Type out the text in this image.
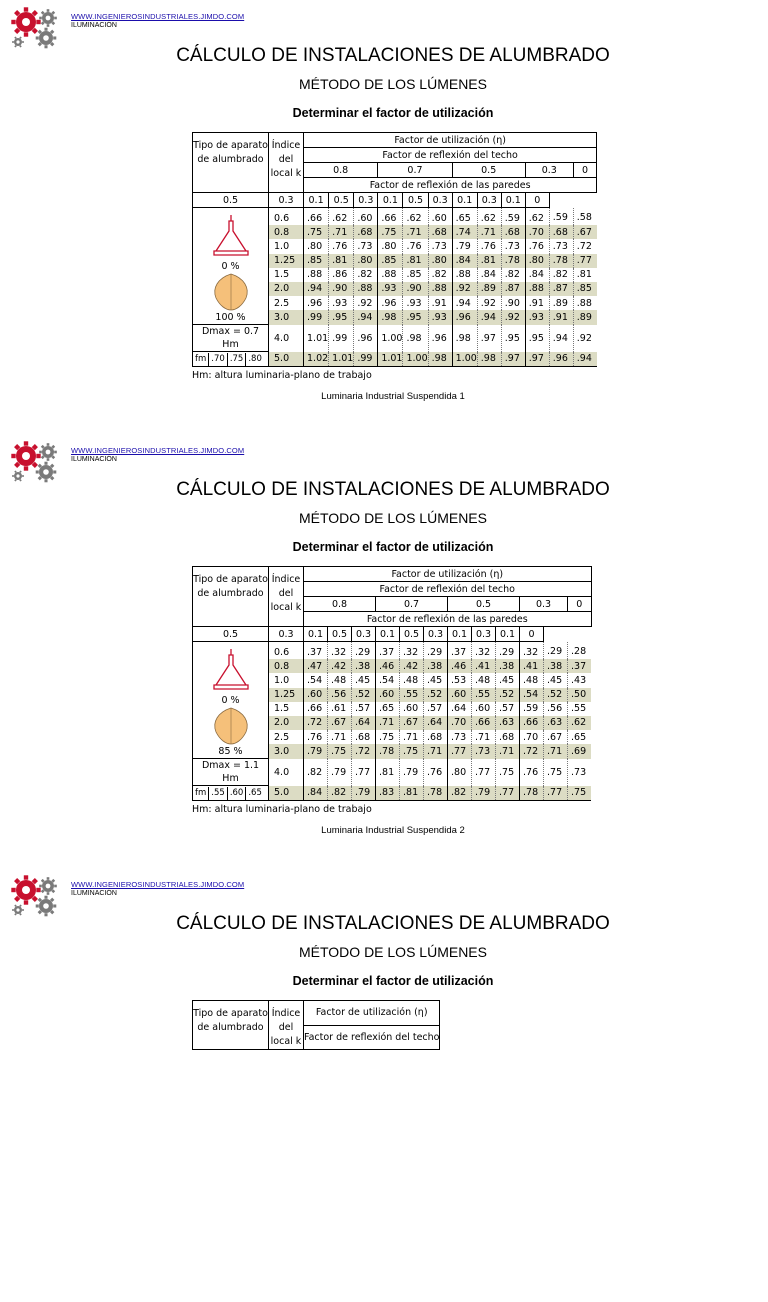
WWW.INGENIEROSINDUSTRIALES.JIMDO.COM
ILUMINACIÓN
CÁLCULO DE INSTALACIONES DE ALUMBRADO
MÉTODO DE LOS LÚMENES
Determinar el factor de utilización
Tipo de aparato de alumbrado	Índice del local k	Factor de utilización (η)											
		Factor de reflexión del techo											
		0.8			0.7			0.5			0.3		0
		Factor de reflexión de las paredes											
0.5	0.3	0.1	0.5	0.3	0.1	0.5	0.3	0.1	0.3	0.1	0		

0 %
100 %	0.6	.66	.62	.60	.66	.62	.60	.65	.62	.59	.62	.59	.58
	0.8	.75	.71	.68	.75	.71	.68	.74	.71	.68	.70	.68	.67
	1.0	.80	.76	.73	.80	.76	.73	.79	.76	.73	.76	.73	.72
	1.25	.85	.81	.80	.85	.81	.80	.84	.81	.78	.80	.78	.77
	1.5	.88	.86	.82	.88	.85	.82	.88	.84	.82	.84	.82	.81
	2.0	.94	.90	.88	.93	.90	.88	.92	.89	.87	.88	.87	.85
	2.5	.96	.93	.92	.96	.93	.91	.94	.92	.90	.91	.89	.88
	3.0	.99	.95	.94	.98	.95	.93	.96	.94	.92	.93	.91	.89
Dmax = 0.7 Hm	4.0	1.01	.99	.96	1.00	.98	.96	.98	.97	.95	.95	.94	.92
fm .70 .75 .80	5.0	1.02	1.01	.99	1.01	1.00	.98	1.00	.98	.97	.97	.96	.94
Hm: altura luminaria-plano de trabajo
Luminaria Industrial Suspendida 1
WWW.INGENIEROSINDUSTRIALES.JIMDO.COM
ILUMINACIÓN
CÁLCULO DE INSTALACIONES DE ALUMBRADO
MÉTODO DE LOS LÚMENES
Determinar el factor de utilización
Tipo de aparato de alumbrado	Índice del local k	Factor de utilización (η)											
		Factor de reflexión del techo											
		0.8			0.7			0.5			0.3		0
		Factor de reflexión de las paredes											
0.5	0.3	0.1	0.5	0.3	0.1	0.5	0.3	0.1	0.3	0.1	0		

0 %
85 %	0.6	.37	.32	.29	.37	.32	.29	.37	.32	.29	.32	.29	.28
	0.8	.47	.42	.38	.46	.42	.38	.46	.41	.38	.41	.38	.37
	1.0	.54	.48	.45	.54	.48	.45	.53	.48	.45	.48	.45	.43
	1.25	.60	.56	.52	.60	.55	.52	.60	.55	.52	.54	.52	.50
	1.5	.66	.61	.57	.65	.60	.57	.64	.60	.57	.59	.56	.55
	2.0	.72	.67	.64	.71	.67	.64	.70	.66	.63	.66	.63	.62
	2.5	.76	.71	.68	.75	.71	.68	.73	.71	.68	.70	.67	.65
	3.0	.79	.75	.72	.78	.75	.71	.77	.73	.71	.72	.71	.69
Dmax = 1.1 Hm	4.0	.82	.79	.77	.81	.79	.76	.80	.77	.75	.76	.75	.73
fm .55 .60 .65	5.0	.84	.82	.79	.83	.81	.78	.82	.79	.77	.78	.77	.75
Hm: altura luminaria-plano de trabajo
Luminaria Industrial Suspendida 2
WWW.INGENIEROSINDUSTRIALES.JIMDO.COM
ILUMINACIÓN
CÁLCULO DE INSTALACIONES DE ALUMBRADO
MÉTODO DE LOS LÚMENES
Determinar el factor de utilización
Tipo de aparato de alumbrado	Índice del local k	Factor de utilización (η)
Factor de reflexión del techo
